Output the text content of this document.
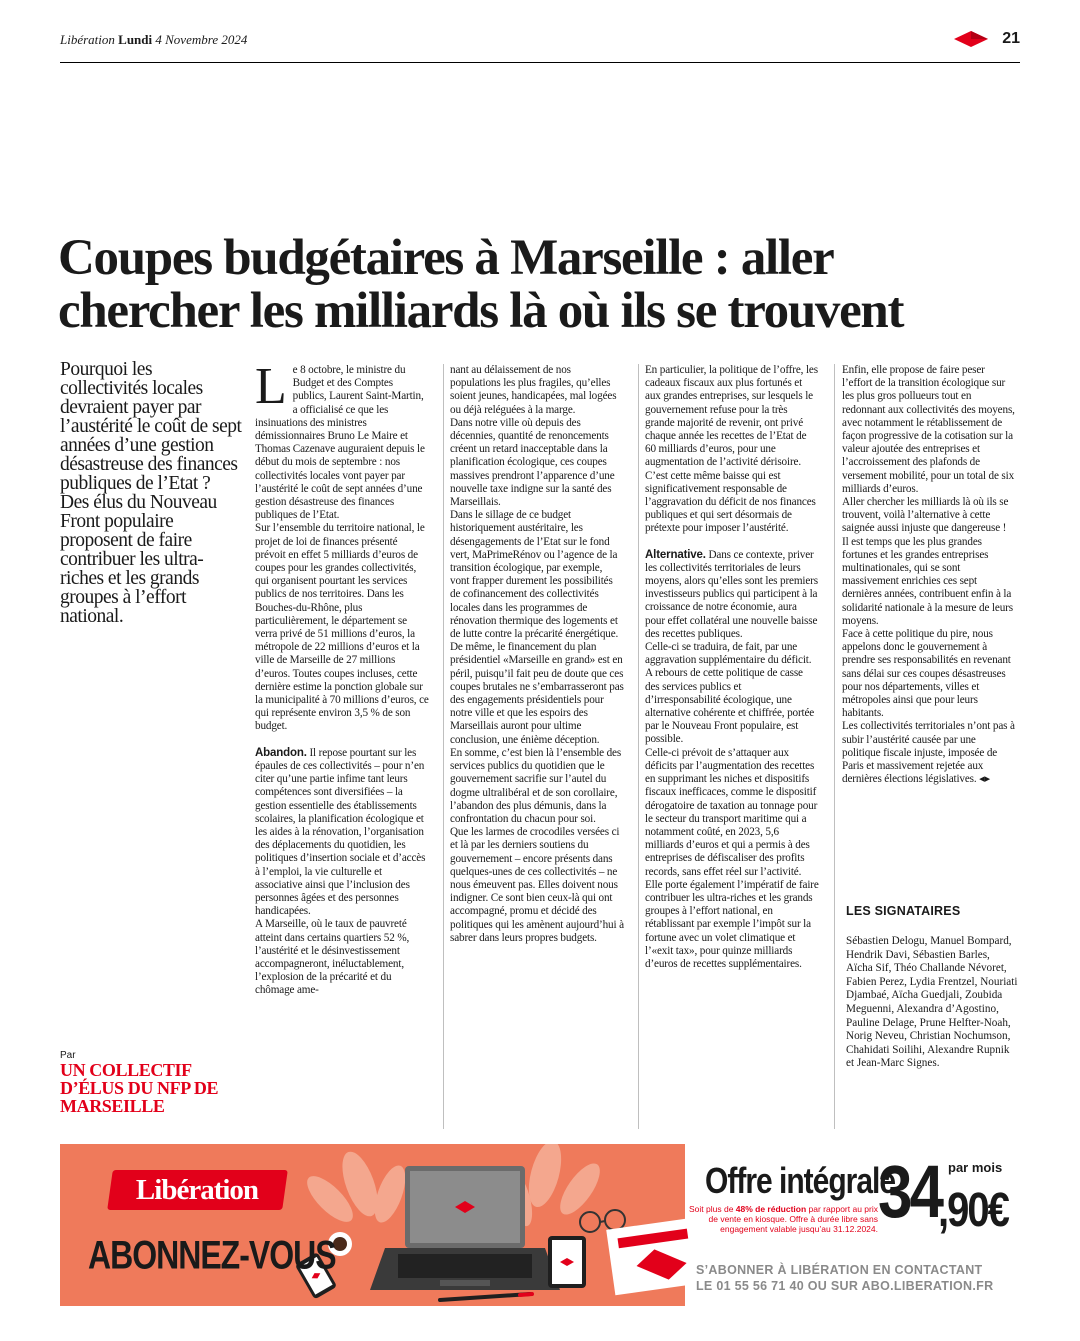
Libération Lundi 4 Novembre 2024	21
Coupes budgétaires à Marseille : aller
chercher les milliards là où ils se trouvent
Pourquoi les collectivités locales devraient payer par l’austérité le coût de sept années d’une gestion désastreuse des finances publiques de l’Etat ? Des élus du Nouveau Front populaire proposent de faire contribuer les ultra-riches et les grands groupes à l’effort national.
Par
UN COLLECTIF D’ÉLUS DU NFP DE MARSEILLE
L e 8 octobre, le ministre du Budget et des Comptes publics, Laurent Saint-Martin, a officialisé ce que les insinuations des ministres démissionnaires Bruno Le Maire et Thomas Cazenave auguraient depuis le début du mois de septembre : nos collectivités locales vont payer par l’austérité le coût de sept années d’une gestion désastreuse des finances publiques de l’Etat.

Sur l’ensemble du territoire national, le projet de loi de finances présenté prévoit en effet 5 milliards d’euros de coupes pour les grandes collectivités, qui organisent pourtant les services publics de nos territoires. Dans les Bouches-du-Rhône, plus particulièrement, le département se verra privé de 51 millions d’euros, la métropole de 22 millions d’euros et la ville de Marseille de 27 millions d’euros. Toutes coupes incluses, cette dernière estime la ponction globale sur la municipalité à 70 millions d’euros, ce qui représente environ 3,5 % de son budget.

Abandon. Il repose pourtant sur les épaules de ces collectivités – pour n’en citer qu’une partie infime tant leurs compétences sont diversifiées – la gestion essentielle des établissements scolaires, la planification écologique et les aides à la rénovation, l’organisation des déplacements du quotidien, les politiques d’insertion sociale et d’accès à l’emploi, la vie culturelle et associative ainsi que l’inclusion des personnes âgées et des personnes handicapées.

A Marseille, où le taux de pauvreté atteint dans certains quartiers 52 %, l’austérité et le désinvestissement accompagneront, inéluctablement, l’explosion de la précarité et du chômage ame-

nant au délaissement de nos populations les plus fragiles, qu’elles soient jeunes, handicapées, mal logées ou déjà reléguées à la marge.

Dans notre ville où depuis des décennies, quantité de renoncements créent un retard inacceptable dans la planification écologique, ces coupes massives prendront l’apparence d’une nouvelle taxe indigne sur la santé des Marseillais.

Dans le sillage de ce budget historiquement austéritaire, les désengagements de l’Etat sur le fond vert, MaPrimeRénov ou l’agence de la transition écologique, par exemple, vont frapper durement les possibilités de cofinancement des collectivités locales dans les programmes de rénovation thermique des logements et de lutte contre la précarité énergétique.

De même, le financement du plan présidentiel «Marseille en grand» est en péril, puisqu’il fait peu de doute que ces coupes brutales ne s’embarrasseront pas des engagements présidentiels pour notre ville et que les espoirs des Marseillais auront pour ultime conclusion, une énième déception.

En somme, c’est bien là l’ensemble des services publics du quotidien que le gouvernement sacrifie sur l’autel du dogme ultralibéral et de son corollaire, l’abandon des plus démunis, dans la confrontation du chacun pour soi.

Que les larmes de crocodiles versées ci et là par les derniers soutiens du gouvernement – encore présents dans quelques-unes de ces collectivités – ne nous émeuvent pas. Elles doivent nous indigner. Ce sont bien ceux-là qui ont accompagné, promu et décidé des politiques qui les amènent aujourd’hui à sabrer dans leurs propres budgets.

En particulier, la politique de l’offre, les cadeaux fiscaux aux plus fortunés et aux grandes entreprises, sur lesquels le gouvernement refuse pour la très grande majorité de revenir, ont privé chaque année les recettes de l’Etat de 60 milliards d’euros, pour une augmentation de l’activité dérisoire. C’est cette même baisse qui est significativement responsable de l’aggravation du déficit de nos finances publiques et qui sert désormais de prétexte pour imposer l’austérité.

Alternative. Dans ce contexte, priver les collectivités territoriales de leurs moyens, alors qu’elles sont les premiers investisseurs publics qui participent à la croissance de notre économie, aura pour effet collatéral une nouvelle baisse des recettes publiques.

Celle-ci se traduira, de fait, par une aggravation supplémentaire du déficit.

A rebours de cette politique de casse des services publics et d’irresponsabilité écologique, une alternative cohérente et chiffrée, portée par le Nouveau Front populaire, est possible.

Celle-ci prévoit de s’attaquer aux déficits par l’augmentation des recettes en supprimant les niches et dispositifs fiscaux inefficaces, comme le dispositif dérogatoire de taxation au tonnage pour le secteur du transport maritime qui a notamment coûté, en 2023, 5,6 milliards d’euros et qui a permis à des entreprises de défiscaliser des profits records, sans effet réel sur l’activité.

Elle porte également l’impératif de faire contribuer les ultra-riches et les grands groupes à l’effort national, en rétablissant par exemple l’impôt sur la fortune avec un volet climatique et l’«exit tax», pour quinze milliards d’euros de recettes supplémentaires.

Enfin, elle propose de faire peser l’effort de la transition écologique sur les plus gros pollueurs tout en redonnant aux collectivités des moyens, avec notamment le rétablissement de façon progressive de la cotisation sur la valeur ajoutée des entreprises et l’accroissement des plafonds de versement mobilité, pour un total de six milliards d’euros.

Aller chercher les milliards là où ils se trouvent, voilà l’alternative à cette saignée aussi injuste que dangereuse !

Il est temps que les plus grandes fortunes et les grandes entreprises multinationales, qui se sont massivement enrichies ces sept dernières années, contribuent enfin à la solidarité nationale à la mesure de leurs moyens.

Face à cette politique du pire, nous appelons donc le gouvernement à prendre ses responsabilités en revenant sans délai sur ces coupes désastreuses pour nos départements, villes et métropoles ainsi que pour leurs habitants.

Les collectivités territoriales n’ont pas à subir l’austérité causée par une politique fiscale injuste, imposée de Paris et massivement rejetée aux dernières élections législatives. ◂▸

LES SIGNATAIRES
Sébastien Delogu, Manuel Bompard, Hendrik Davi, Sébastien Barles, Aïcha Sif, Théo Challande Névoret, Fabien Perez, Lydia Frentzel, Nouriati Djambaé, Aïcha Guedjali, Zoubida Meguenni, Alexandra d’Agostino, Pauline Delage, Prune Helfter-Noah, Norig Neveu, Christian Nochumson, Chahidati Soilihi, Alexandre Rupnik et Jean-Marc Signes.
Libération
ABONNEZ-VOUS
Offre intégrale
34 par mois
,90€
Soit plus de 48% de réduction par rapport au prix de vente en kiosque. Offre à durée libre sans engagement valable jusqu’au 31.12.2024.
S’ABONNER À LIBÉRATION EN CONTACTANT
LE 01 55 56 71 40 OU SUR ABO.LIBERATION.FR
